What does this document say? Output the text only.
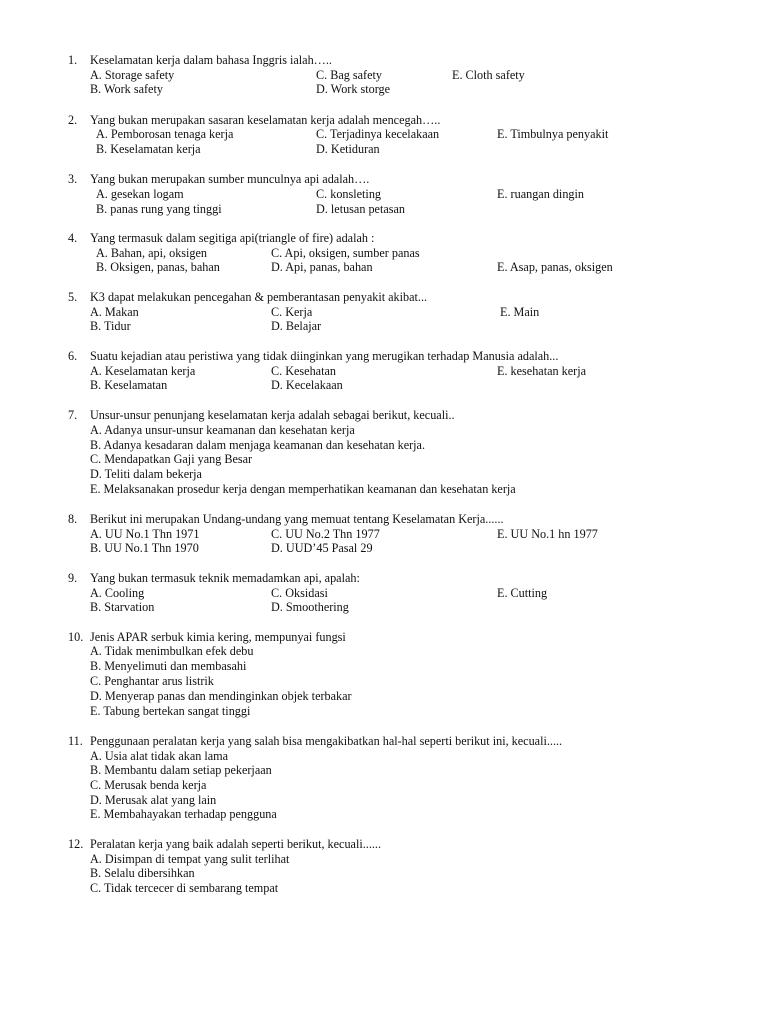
1. Keselamatan kerja dalam bahasa Inggris ialah…..
A. Storage safety
B. Work safety
C. Bag safety
D. Work storge
E. Cloth safety
2. Yang bukan merupakan sasaran keselamatan kerja adalah mencegah…..
A. Pemborosan tenaga kerja
B. Keselamatan kerja
C. Terjadinya kecelakaan
D. Ketiduran
E. Timbulnya penyakit
3. Yang bukan merupakan sumber munculnya api adalah….
A. gesekan logam
B. panas rung yang tinggi
C. konsleting
D. letusan petasan
E. ruangan dingin
4. Yang termasuk dalam segitiga api(triangle of fire) adalah :
A. Bahan, api, oksigen
B. Oksigen, panas, bahan
C. Api, oksigen, sumber panas
D. Api, panas, bahan	E. Asap, panas, oksigen
5. K3 dapat melakukan pencegahan & pemberantasan penyakit akibat...
A. Makan
B. Tidur
C. Kerja
D. Belajar
E. Main
6. Suatu kejadian atau peristiwa yang tidak diinginkan yang merugikan terhadap Manusia adalah...
A. Keselamatan kerja
B. Keselamatan
C. Kesehatan
D. Kecelakaan
E. kesehatan kerja
7. Unsur-unsur penunjang keselamatan kerja adalah sebagai berikut, kecuali..
A. Adanya unsur-unsur keamanan dan kesehatan kerja
B. Adanya kesadaran dalam menjaga keamanan dan kesehatan kerja.
C. Mendapatkan Gaji yang Besar
D. Teliti dalam bekerja
E. Melaksanakan prosedur kerja dengan memperhatikan keamanan dan kesehatan kerja
8. Berikut ini merupakan Undang-undang yang memuat tentang Keselamatan Kerja......
A. UU No.1 Thn 1971
B. UU No.1 Thn 1970
C. UU No.2 Thn 1977
D. UUD’45 Pasal 29
E. UU No.1 hn 1977
9. Yang bukan termasuk teknik memadamkan api, apalah:
A. Cooling
B. Starvation
C. Oksidasi
D. Smoothering
E. Cutting
10. Jenis APAR serbuk kimia kering, mempunyai fungsi
A. Tidak menimbulkan efek debu
B. Menyelimuti dan membasahi
C. Penghantar arus listrik
D. Menyerap panas dan mendinginkan objek terbakar
E. Tabung bertekan sangat tinggi
11. Penggunaan peralatan kerja yang salah bisa mengakibatkan hal-hal seperti berikut ini, kecuali.....
A. Usia alat tidak akan lama
B. Membantu dalam setiap pekerjaan
C. Merusak benda kerja
D. Merusak alat yang lain
E. Membahayakan terhadap pengguna
12. Peralatan kerja yang baik adalah seperti berikut, kecuali......
A. Disimpan di tempat yang sulit terlihat
B. Selalu dibersihkan
C. Tidak tercecer di sembarang tempat
